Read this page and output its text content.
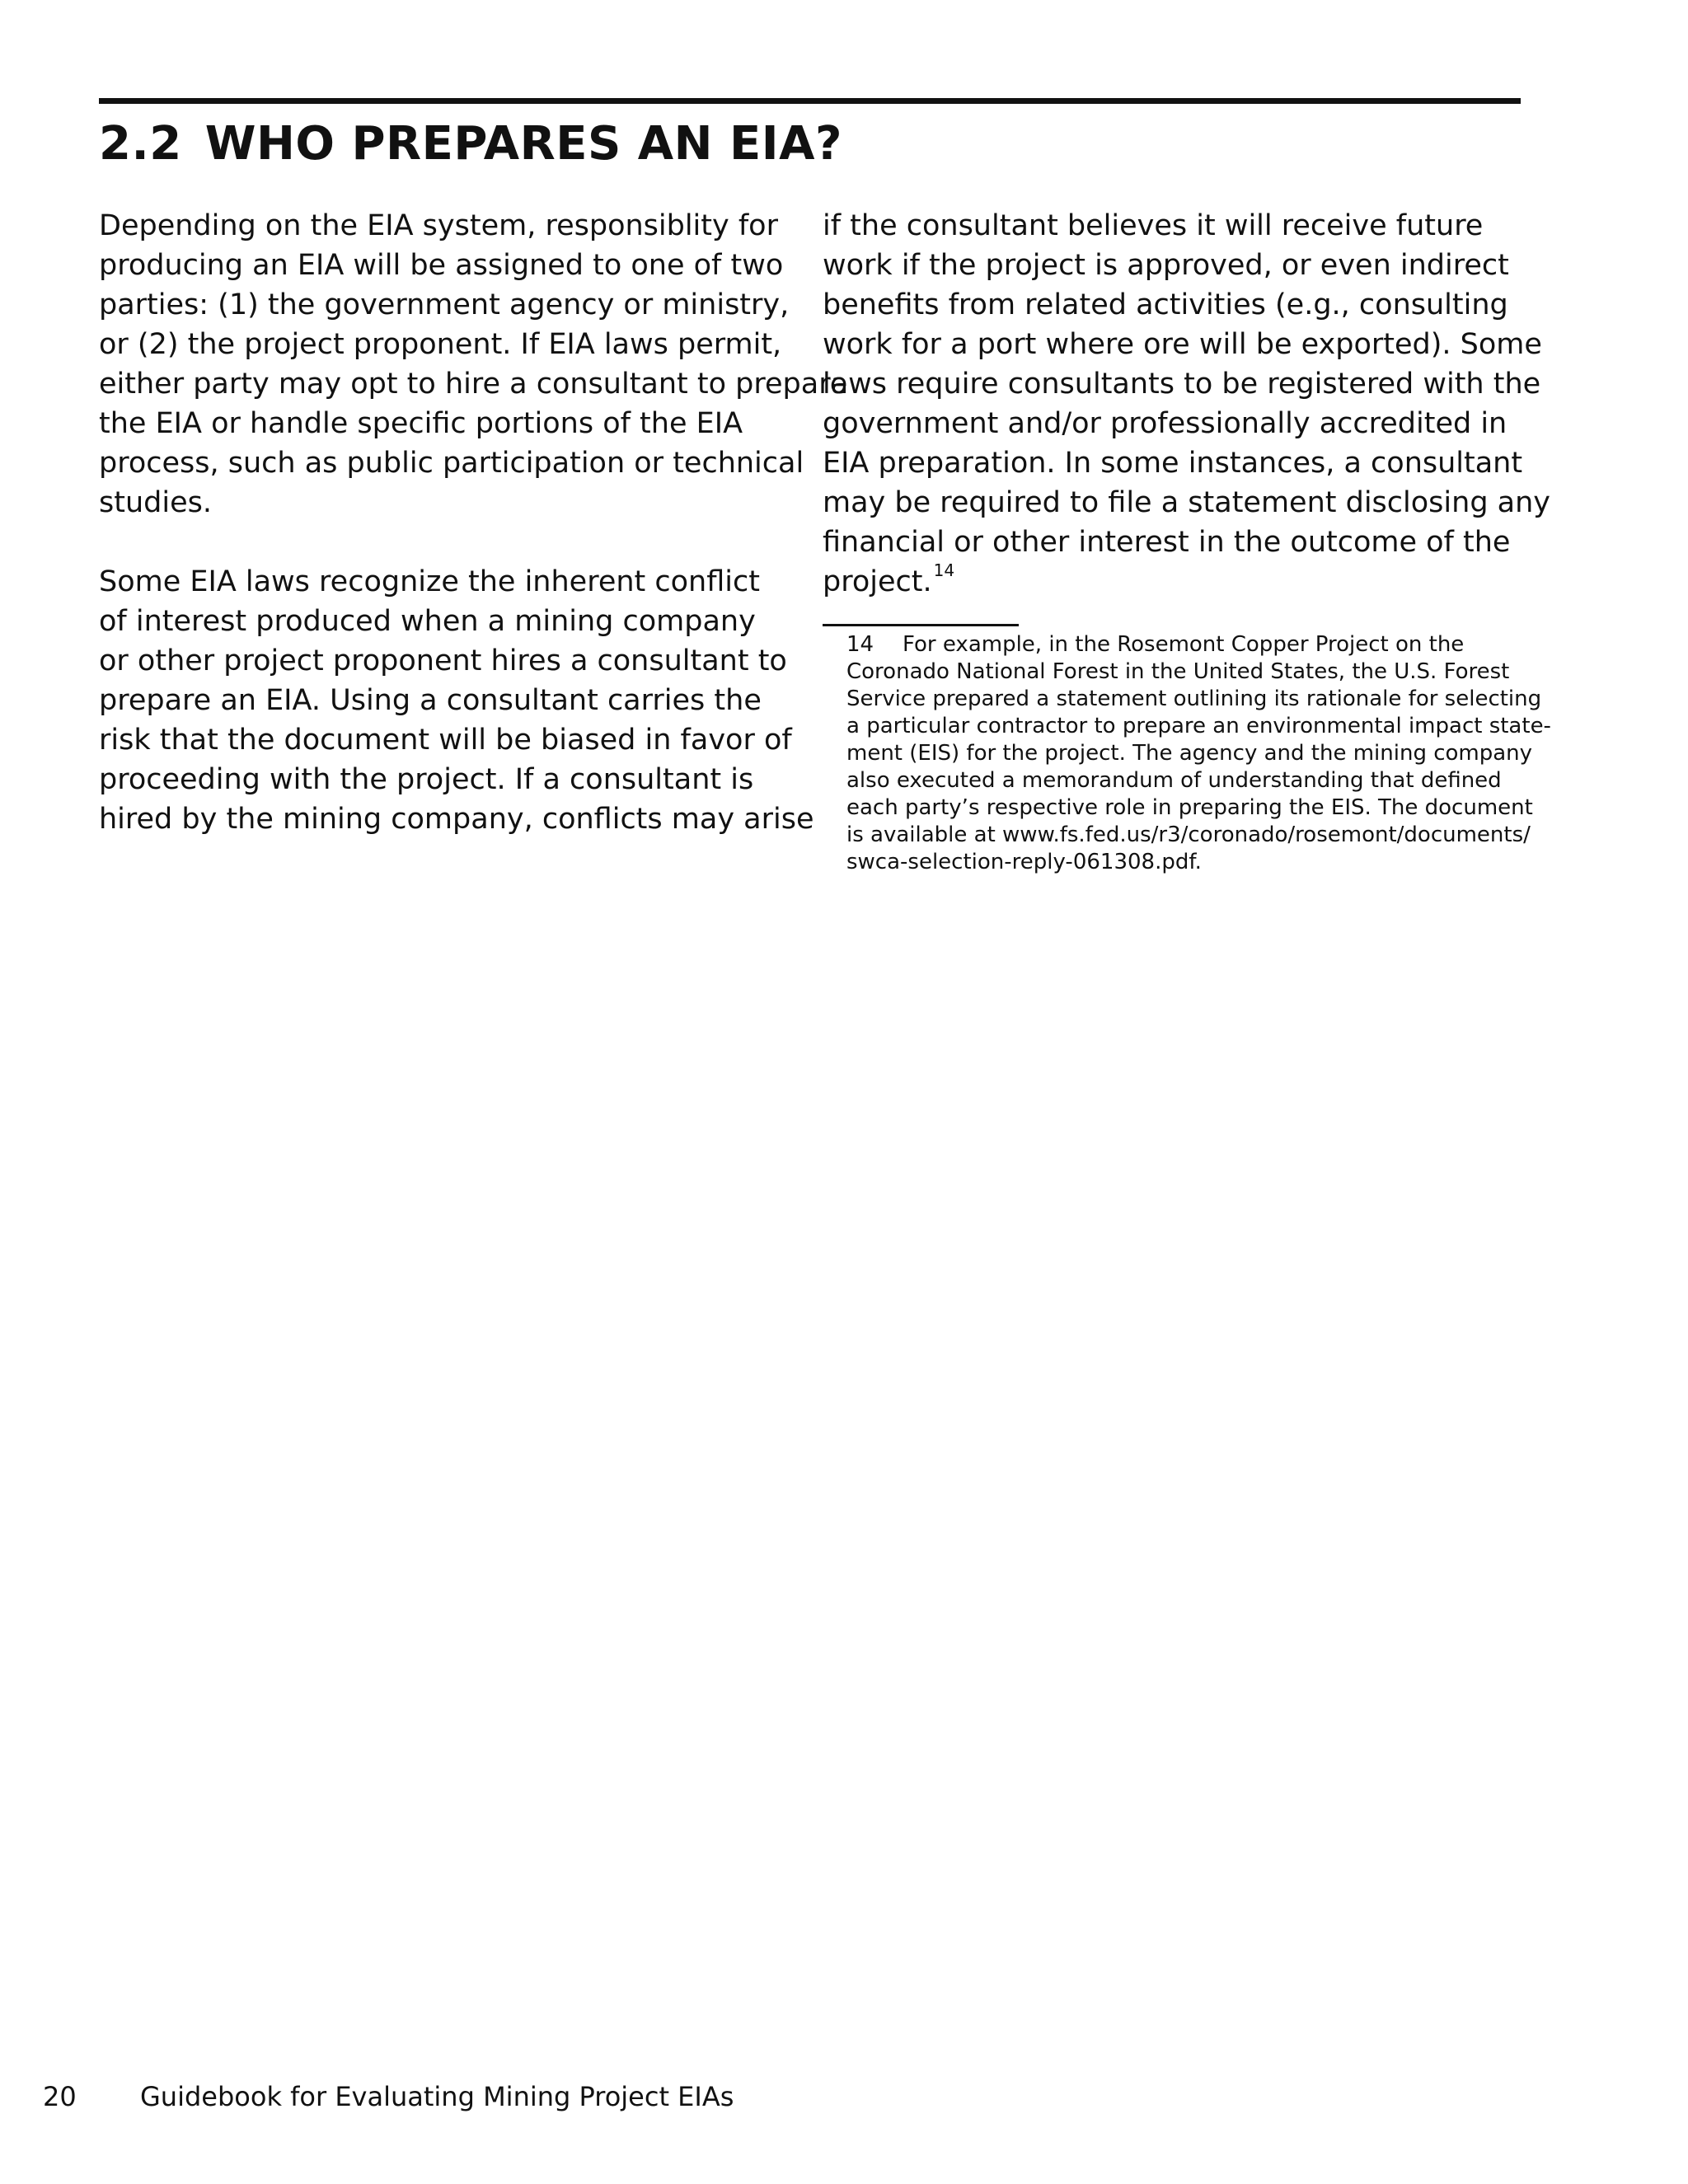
2.2 WHO PREPARES AN EIA?
Depending on the EIA system, responsiblity for
producing an EIA will be assigned to one of two
parties: (1) the government agency or ministry,
or (2) the project proponent. If EIA laws permit,
either party may opt to hire a consultant to prepare
the EIA or handle specific portions of the EIA
process, such as public participation or technical
studies.
Some EIA laws recognize the inherent conflict
of interest produced when a mining company
or other project proponent hires a consultant to
prepare an EIA. Using a consultant carries the
risk that the document will be biased in favor of
proceeding with the project. If a consultant is
hired by the mining company, conflicts may arise
if the consultant believes it will receive future
work if the project is approved, or even indirect
benefits from related activities (e.g., consulting
work for a port where ore will be exported). Some
laws require consultants to be registered with the
government and/or professionally accredited in
EIA preparation. In some instances, a consultant
may be required to file a statement disclosing any
financial or other interest in the outcome of the
project. $^{14}$
14 For example, in the Rosemont Copper Project on the
Coronado National Forest in the United States, the U.S. Forest
Service prepared a statement outlining its rationale for selecting
a particular contractor to prepare an environmental impact state-
ment (EIS) for the project. The agency and the mining company
also executed a memorandum of understanding that defined
each party’s respective role in preparing the EIS. The document
is available at www.fs.fed.us/r3/coronado/rosemont/documents/
swca-selection-reply-061308.pdf.
20 Guidebook for Evaluating Mining Project EIAs
